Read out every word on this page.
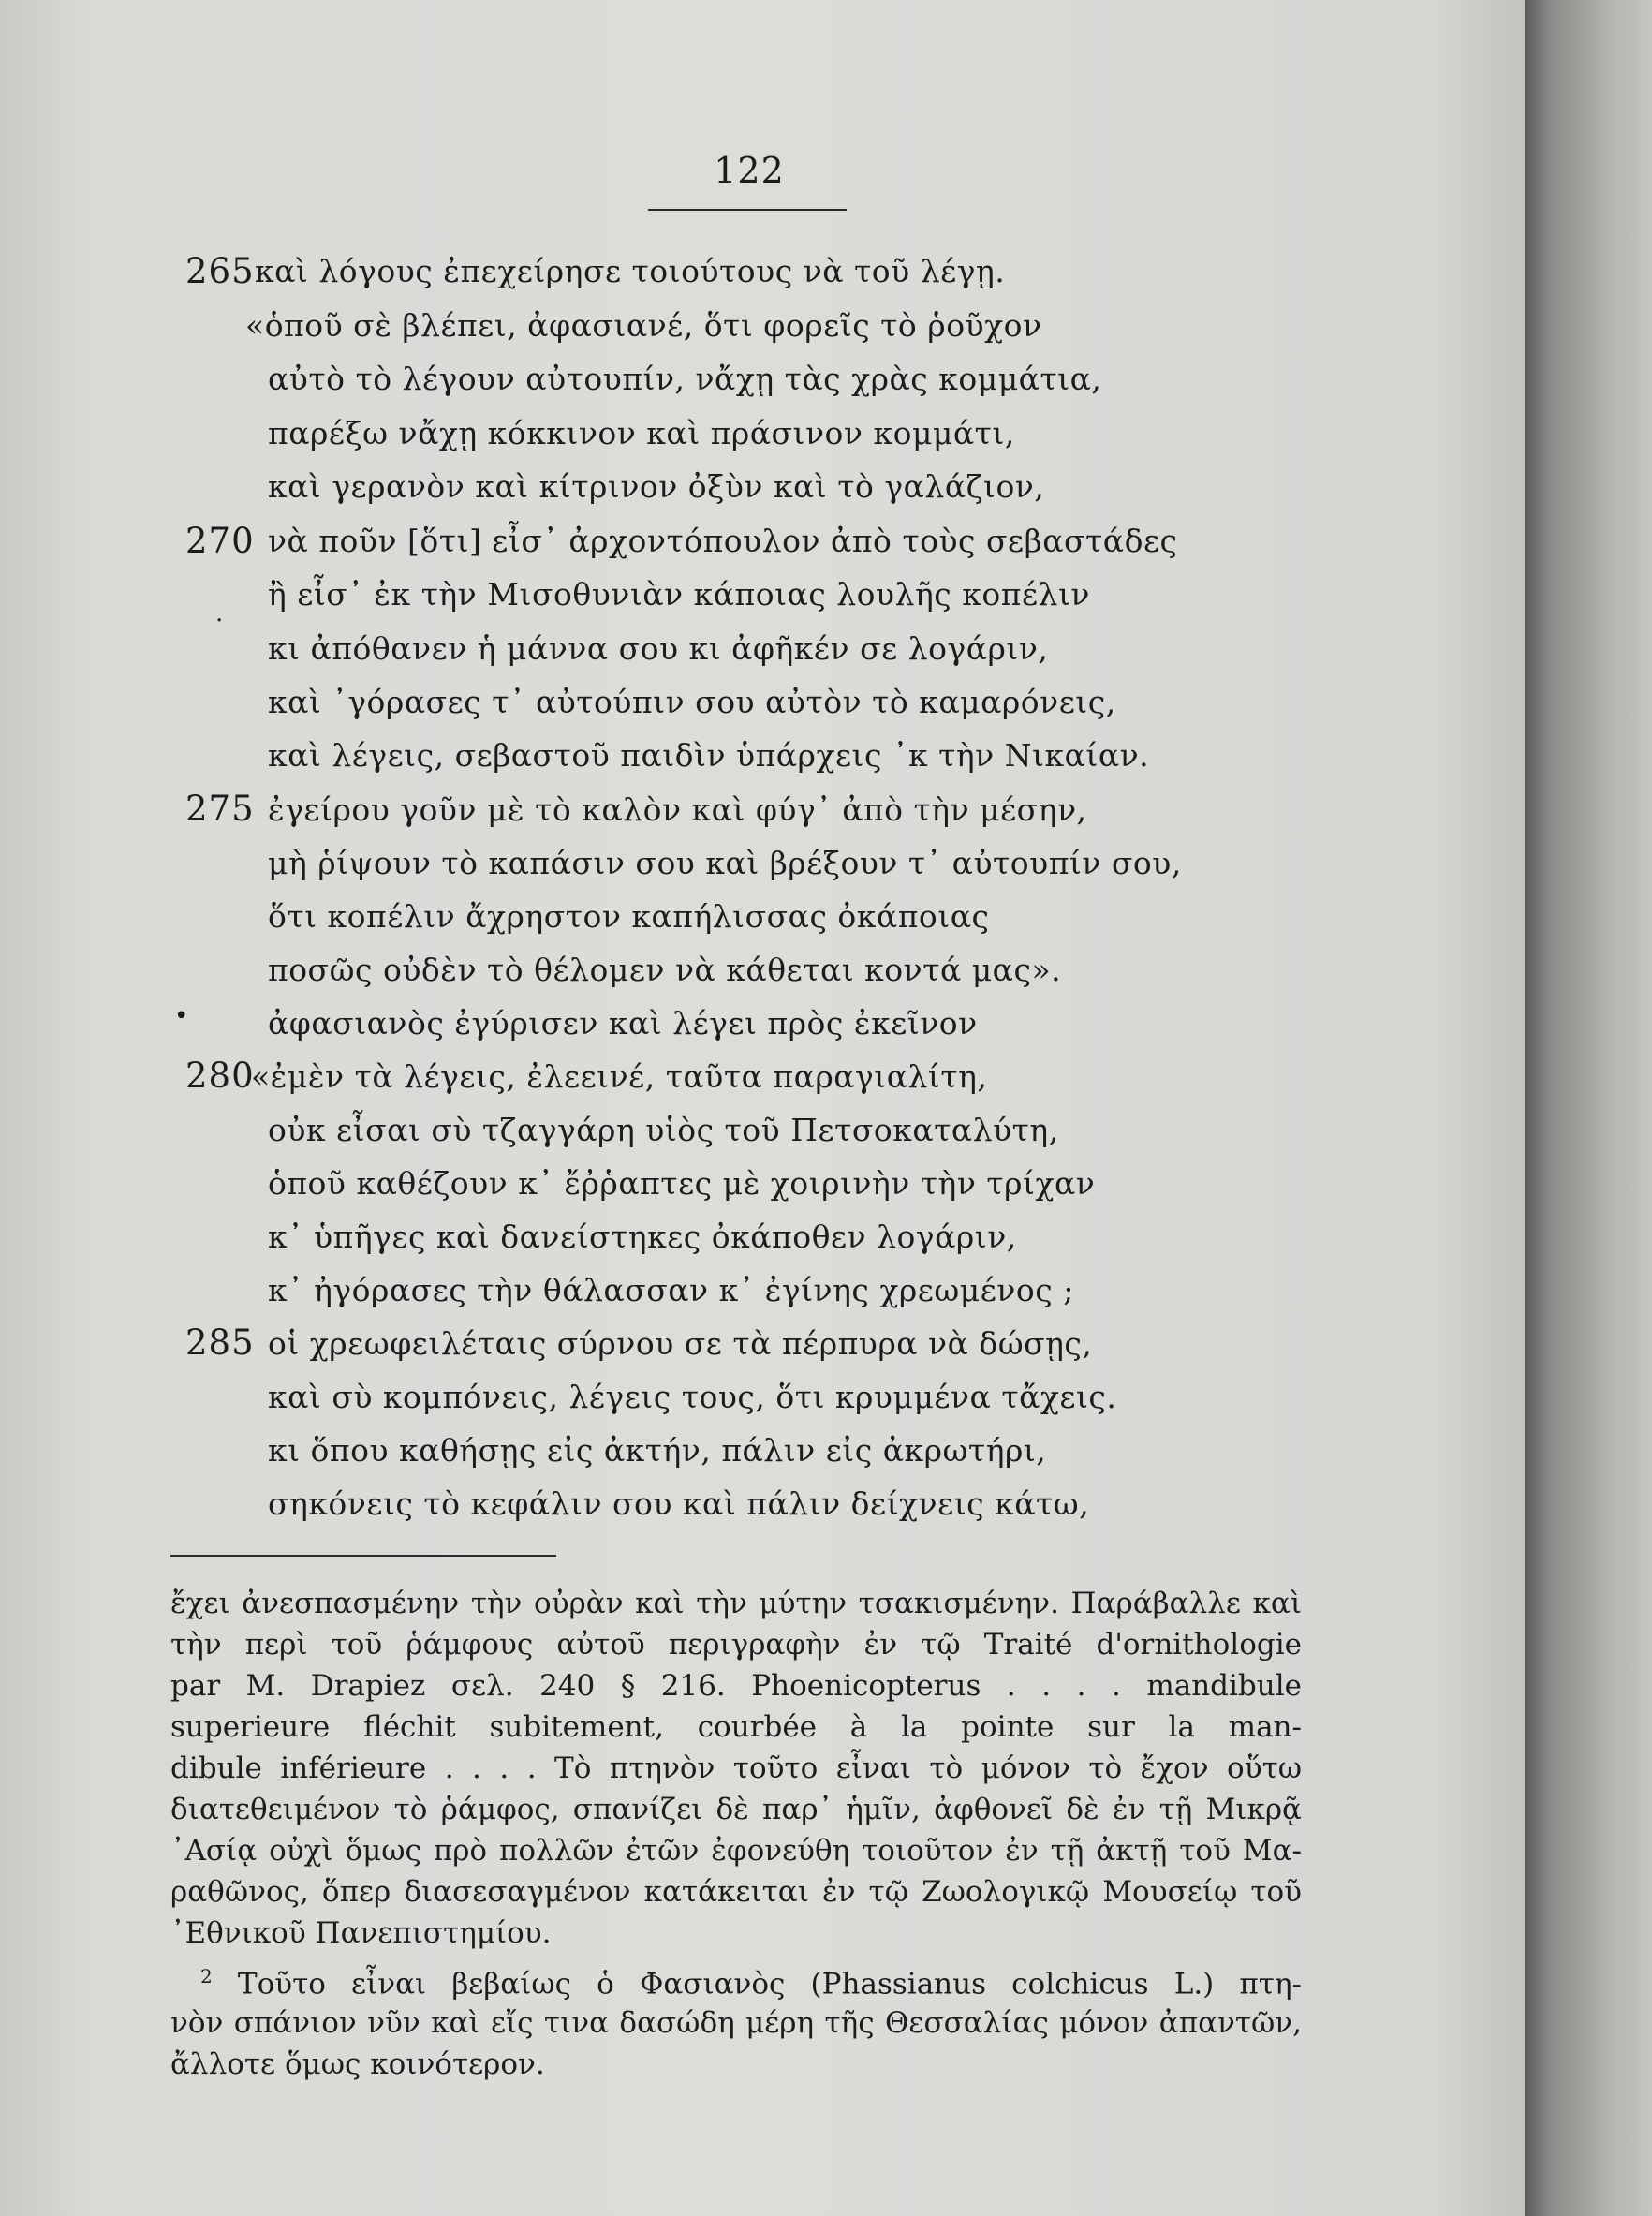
122
265
270
275
280
285
.
•
καὶ λόγους ἐπεχείρησε τοιούτους νὰ τοῦ λέγῃ.
«ὁποῦ σὲ βλέπει, ἀφασιανέ, ὅτι φορεῖς τὸ ῥοῦχον
αὐτὸ τὸ λέγουν αὐτουπίν, νἄχῃ τὰς χρὰς κομμάτια,
παρέξω νἄχῃ κόκκινον καὶ πράσινον κομμάτι,
καὶ γερανὸν καὶ κίτρινον ὀξὺν καὶ τὸ γαλάζιον,
νὰ ποῦν [ὅτι] εἶσ᾽ ἀρχοντόπουλον ἀπὸ τοὺς σεβαστάδες
ἢ εἶσ᾽ ἐκ τὴν Μισοθυνιὰν κάποιας λουλῆς κοπέλιν
κι ἀπόθανεν ἡ μάννα σου κι ἀφῆκέν σε λογάριν,
καὶ ᾽γόρασες τ᾽ αὐτούπιν σου αὐτὸν τὸ καμαρόνεις,
καὶ λέγεις, σεβαστοῦ παιδὶν ὑπάρχεις ᾽κ τὴν Νικαίαν.
ἐγείρου γοῦν μὲ τὸ καλὸν καὶ φύγ᾽ ἀπὸ τὴν μέσην,
μὴ ῥίψουν τὸ καπάσιν σου καὶ βρέξουν τ᾽ αὐτουπίν σου,
ὅτι κοπέλιν ἄχρηστον καπήλισσας ὀκάποιας
ποσῶς οὐδὲν τὸ θέλομεν νὰ κάθεται κοντά μας».
ἀφασιανὸς ἐγύρισεν καὶ λέγει πρὸς ἐκεῖνον
«ἐμὲν τὰ λέγεις, ἐλεεινέ, ταῦτα παραγιαλίτη,
οὐκ εἶσαι σὺ τζαγγάρη υἱὸς τοῦ Πετσοκαταλύτη,
ὁποῦ καθέζουν κ᾽ ἔῤῥαπτες μὲ χοιρινὴν τὴν τρίχαν
κ᾽ ὑπῆγες καὶ δανείστηκες ὀκάποθεν λογάριν,
κ᾽ ἠγόρασες τὴν θάλασσαν κ᾽ ἐγίνης χρεωμένος ;
οἱ χρεωφειλέταις σύρνου σε τὰ πέρπυρα νὰ δώσῃς,
καὶ σὺ κομπόνεις, λέγεις τους, ὅτι κρυμμένα τἄχεις.
κι ὅπου καθήσῃς εἰς ἀκτήν, πάλιν εἰς ἀκρωτήρι,
σηκόνεις τὸ κεφάλιν σου καὶ πάλιν δείχνεις κάτω,
ἔχει ἀνεσπασμένην τὴν οὐρὰν καὶ τὴν μύτην τσακισμένην. Παράβαλλε καὶ
τὴν περὶ τοῦ ῥάμφους αὐτοῦ περιγραφὴν ἐν τῷ Traité d'ornithologie
par M. Drapiez σελ. 240 § 216. Phoenicopterus . . . . mandibule
superieure fléchit subitement, courbée à la pointe sur la man-
dibule inférieure . . . . Τὸ πτηνὸν τοῦτο εἶναι τὸ μόνον τὸ ἔχον οὕτω
διατεθειμένον τὸ ῥάμφος, σπανίζει δὲ παρ᾽ ἡμῖν, ἀφθονεῖ δὲ ἐν τῇ Μικρᾷ
᾽Ασίᾳ οὐχὶ ὅμως πρὸ πολλῶν ἐτῶν ἐφονεύθη τοιοῦτον ἐν τῇ ἀκτῇ τοῦ Μα-
ραθῶνος, ὅπερ διασεσαγμένον κατάκειται ἐν τῷ Ζωολογικῷ Μουσείῳ τοῦ
᾽Εθνικοῦ Πανεπιστημίου.
$^2$ Τοῦτο εἶναι βεβαίως ὁ Φασιανὸς (Phassianus colchicus L.) πτη-
νὸν σπάνιον νῦν καὶ εἴς τινα δασώδη μέρη τῆς Θεσσαλίας μόνον ἀπαντῶν,
ἄλλοτε ὅμως κοινότερον.
